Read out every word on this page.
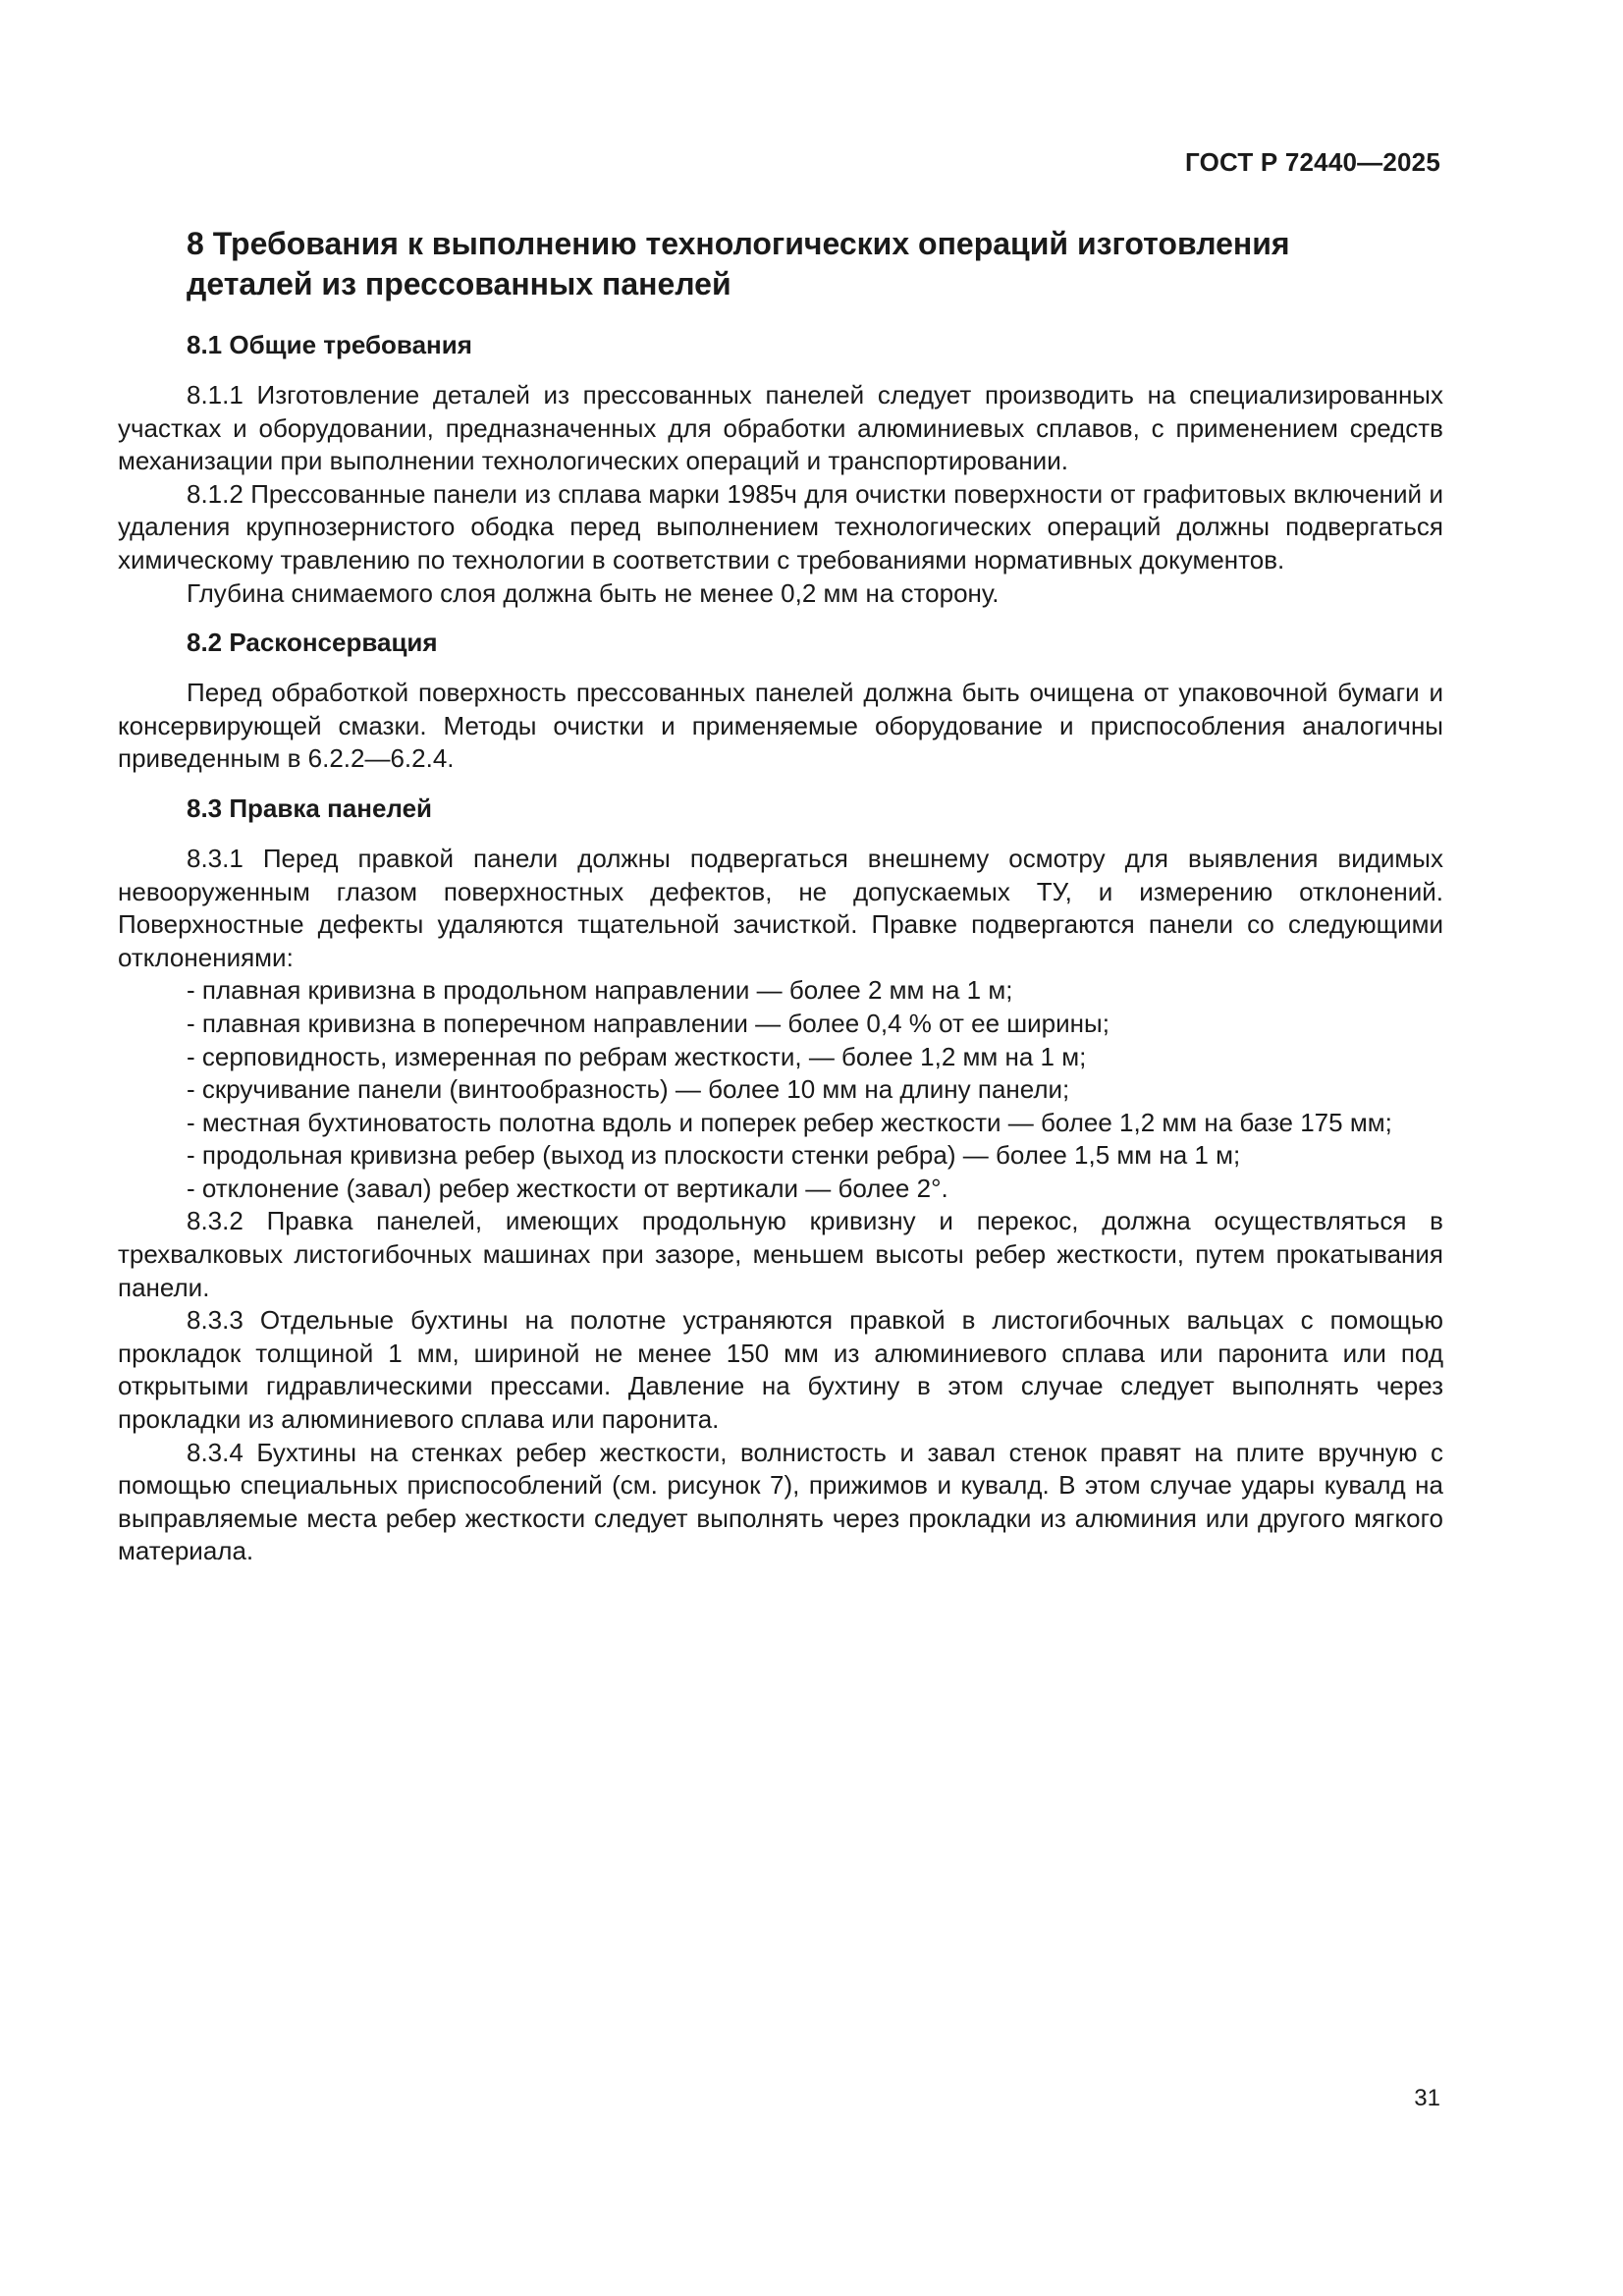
ГОСТ Р 72440—2025
8 Требования к выполнению технологических операций изготовления деталей из прессованных панелей
8.1 Общие требования

8.1.1 Изготовление деталей из прессованных панелей следует производить на специализированных участках и оборудовании, предназначенных для обработки алюминиевых сплавов, с применением средств механизации при выполнении технологических операций и транспортировании.

8.1.2 Прессованные панели из сплава марки 1985ч для очистки поверхности от графитовых включений и удаления крупнозернистого ободка перед выполнением технологических операций должны подвергаться химическому травлению по технологии в соответствии с требованиями нормативных документов.

Глубина снимаемого слоя должна быть не менее 0,2 мм на сторону.

8.2 Расконсервация

Перед обработкой поверхность прессованных панелей должна быть очищена от упаковочной бумаги и консервирующей смазки. Методы очистки и применяемые оборудование и приспособления аналогичны приведенным в 6.2.2—6.2.4.

8.3 Правка панелей

8.3.1 Перед правкой панели должны подвергаться внешнему осмотру для выявления видимых невооруженным глазом поверхностных дефектов, не допускаемых ТУ, и измерению отклонений. Поверхностные дефекты удаляются тщательной зачисткой. Правке подвергаются панели со следующими отклонениями:

- плавная кривизна в продольном направлении — более 2 мм на 1 м;
- плавная кривизна в поперечном направлении — более 0,4 % от ее ширины;
- серповидность, измеренная по ребрам жесткости, — более 1,2 мм на 1 м;
- скручивание панели (винтообразность) — более 10 мм на длину панели;
- местная бухтиноватость полотна вдоль и поперек ребер жесткости — более 1,2 мм на базе 175 мм;
- продольная кривизна ребер (выход из плоскости стенки ребра) — более 1,5 мм на 1 м;
- отклонение (завал) ребер жесткости от вертикали — более 2°.

8.3.2 Правка панелей, имеющих продольную кривизну и перекос, должна осуществляться в трехвалковых листогибочных машинах при зазоре, меньшем высоты ребер жесткости, путем прокатывания панели.

8.3.3 Отдельные бухтины на полотне устраняются правкой в листогибочных вальцах с помощью прокладок толщиной 1 мм, шириной не менее 150 мм из алюминиевого сплава или паронита или под открытыми гидравлическими прессами. Давление на бухтину в этом случае следует выполнять через прокладки из алюминиевого сплава или паронита.

8.3.4 Бухтины на стенках ребер жесткости, волнистость и завал стенок правят на плите вручную с помощью специальных приспособлений (см. рисунок 7), прижимов и кувалд. В этом случае удары кувалд на выправляемые места ребер жесткости следует выполнять через прокладки из алюминия или другого мягкого материала.

31
